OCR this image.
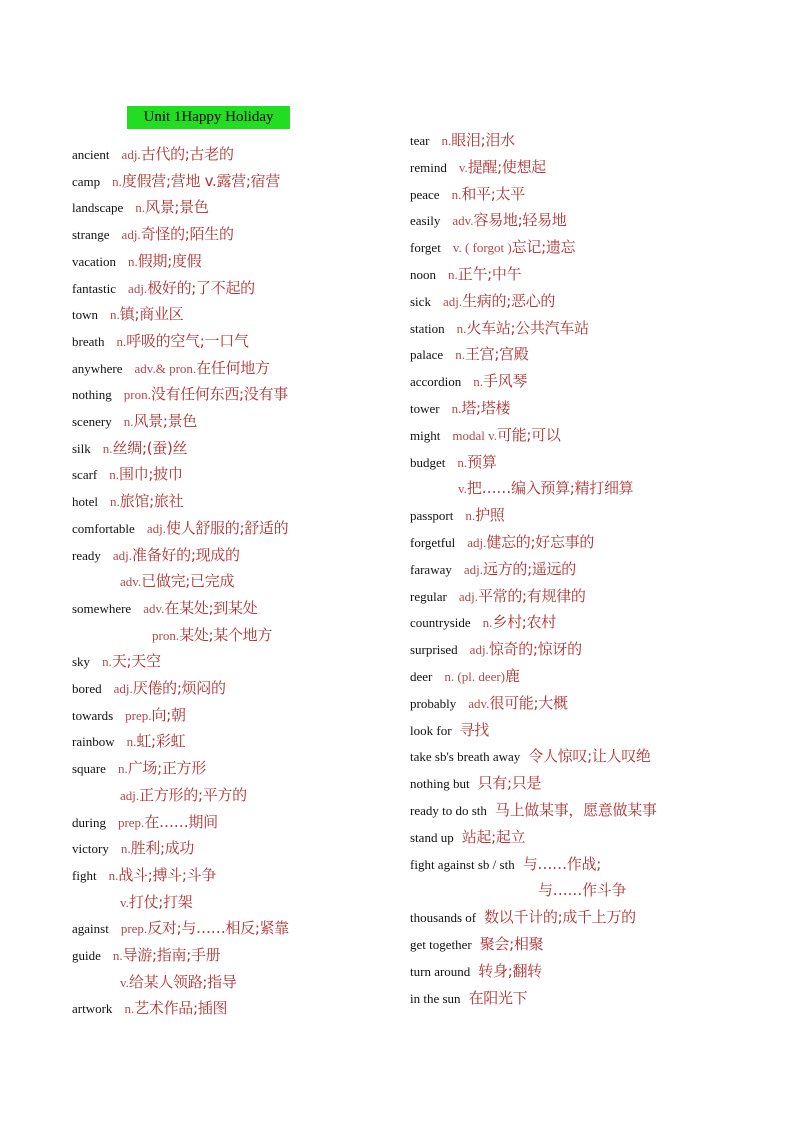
Unit 1Happy Holiday
ancient adj.古代的;古老的
camp n.度假营;营地 v.露营;宿营
landscape n.风景;景色
strange adj.奇怪的;陌生的
vacation n.假期;度假
fantastic adj.极好的;了不起的
town n.镇;商业区
breath n.呼吸的空气;一口气
anywhere adv.& pron.在任何地方
nothing pron.没有任何东西;没有事
scenery n.风景;景色
silk n.丝绸;(蚕)丝
scarf n.围巾;披巾
hotel n.旅馆;旅社
comfortable adj.使人舒服的;舒适的
ready adj.准备好的;现成的
adv.已做完;已完成
somewhere adv.在某处;到某处
pron.某处;某个地方
sky n.天;天空
bored adj.厌倦的;烦闷的
towards prep.向;朝
rainbow n.虹;彩虹
square n.广场;正方形
adj.正方形的;平方的
during prep.在……期间
victory n.胜利;成功
fight n.战斗;搏斗;斗争
v.打仗;打架
against prep.反对;与……相反;紧靠
guide n.导游;指南;手册
v.给某人领路;指导
artwork n.艺术作品;插图
tear n.眼泪;泪水
remind v.提醒;使想起
peace n.和平;太平
easily adv.容易地;轻易地
forget v. ( forgot )忘记;遗忘
noon n.正午;中午
sick adj.生病的;恶心的
station n.火车站;公共汽车站
palace n.王宫;宫殿
accordion n.手风琴
tower n.塔;塔楼
might modal v.可能;可以
budget n.预算
v.把……编入预算;精打细算
passport n.护照
forgetful adj.健忘的;好忘事的
faraway adj.远方的;遥远的
regular adj.平常的;有规律的
countryside n.乡村;农村
surprised adj.惊奇的;惊讶的
deer n. (pl. deer)鹿
probably adv.很可能;大概
look for 寻找
take sb's breath away 令人惊叹;让人叹绝
nothing but 只有;只是
ready to do sth 马上做某事，愿意做某事
stand up 站起;起立
fight against sb / sth 与……作战;
与……作斗争
thousands of 数以千计的;成千上万的
get together 聚会;相聚
turn around 转身;翻转
in the sun 在阳光下
